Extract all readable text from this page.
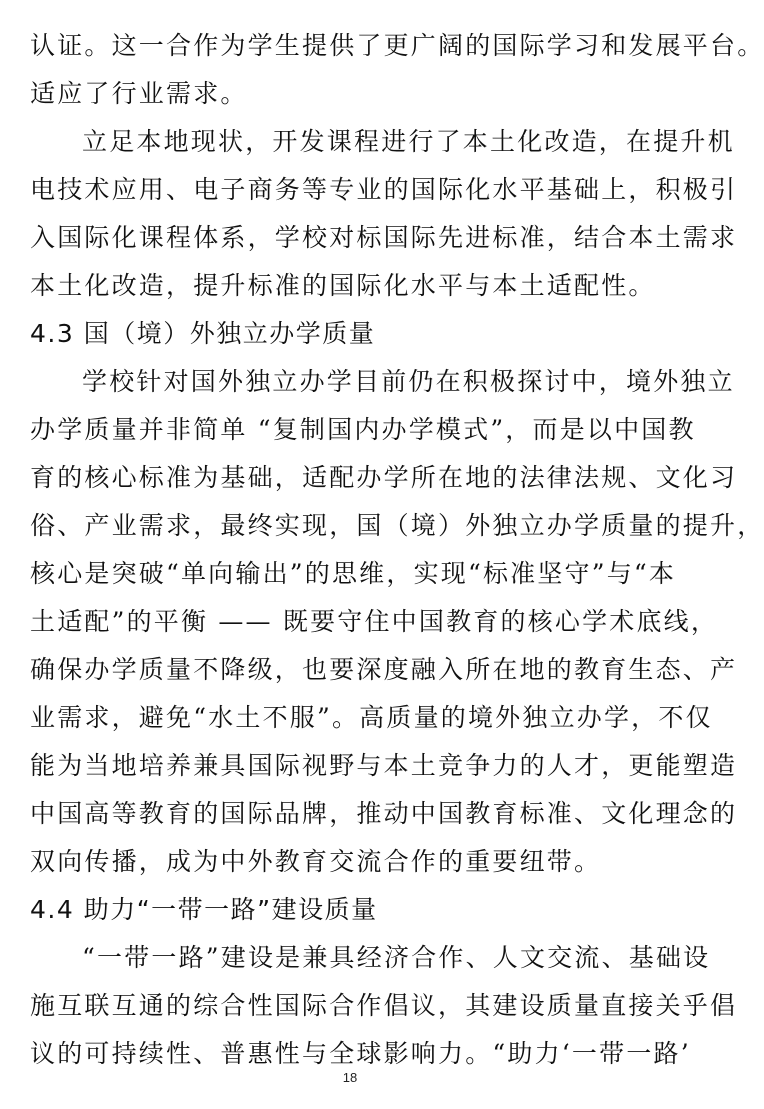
认证。这一合作为学生提供了更广阔的国际学习和发展平台。
适应了行业需求。
立足本地现状，开发课程进行了本土化改造，在提升机
电技术应用、电子商务等专业的国际化水平基础上，积极引
入国际化课程体系，学校对标国际先进标准，结合本土需求
本土化改造，提升标准的国际化水平与本土适配性。
4.3 国（境）外独立办学质量
学校针对国外独立办学目前仍在积极探讨中，境外独立
办学质量并非简单 “复制国内办学模式”，而是以中国教
育的核心标准为基础，适配办学所在地的法律法规、文化习
俗、产业需求，最终实现，国（境）外独立办学质量的提升，
核心是突破“单向输出”的思维，实现“标准坚守”与“本
土适配”的平衡 —— 既要守住中国教育的核心学术底线，
确保办学质量不降级，也要深度融入所在地的教育生态、产
业需求，避免“水土不服”。高质量的境外独立办学，不仅
能为当地培养兼具国际视野与本土竞争力的人才，更能塑造
中国高等教育的国际品牌，推动中国教育标准、文化理念的
双向传播，成为中外教育交流合作的重要纽带。
4.4 助力“一带一路”建设质量
“一带一路”建设是兼具经济合作、人文交流、基础设
施互联互通的综合性国际合作倡议，其建设质量直接关乎倡
议的可持续性、普惠性与全球影响力。“助力‘一带一路’
18
